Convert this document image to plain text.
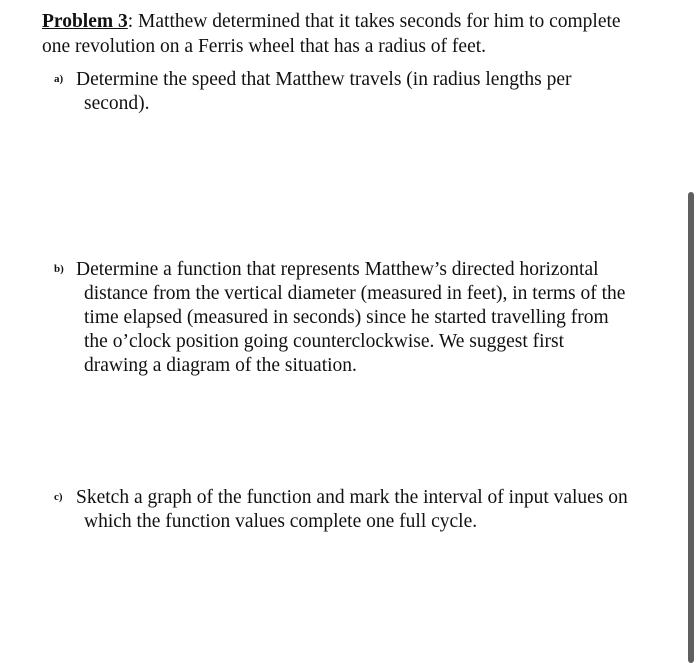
Problem 3: Matthew determined that it takes seconds for him to complete
one revolution on a Ferris wheel that has a radius of feet.
a) Determine the speed that Matthew travels (in radius lengths per
second).
b) Determine a function that represents Matthew’s directed horizontal
distance from the vertical diameter (measured in feet), in terms of the
time elapsed (measured in seconds) since he started travelling from
the o’clock position going counterclockwise. We suggest first
drawing a diagram of the situation.
c) Sketch a graph of the function and mark the interval of input values on
which the function values complete one full cycle.
